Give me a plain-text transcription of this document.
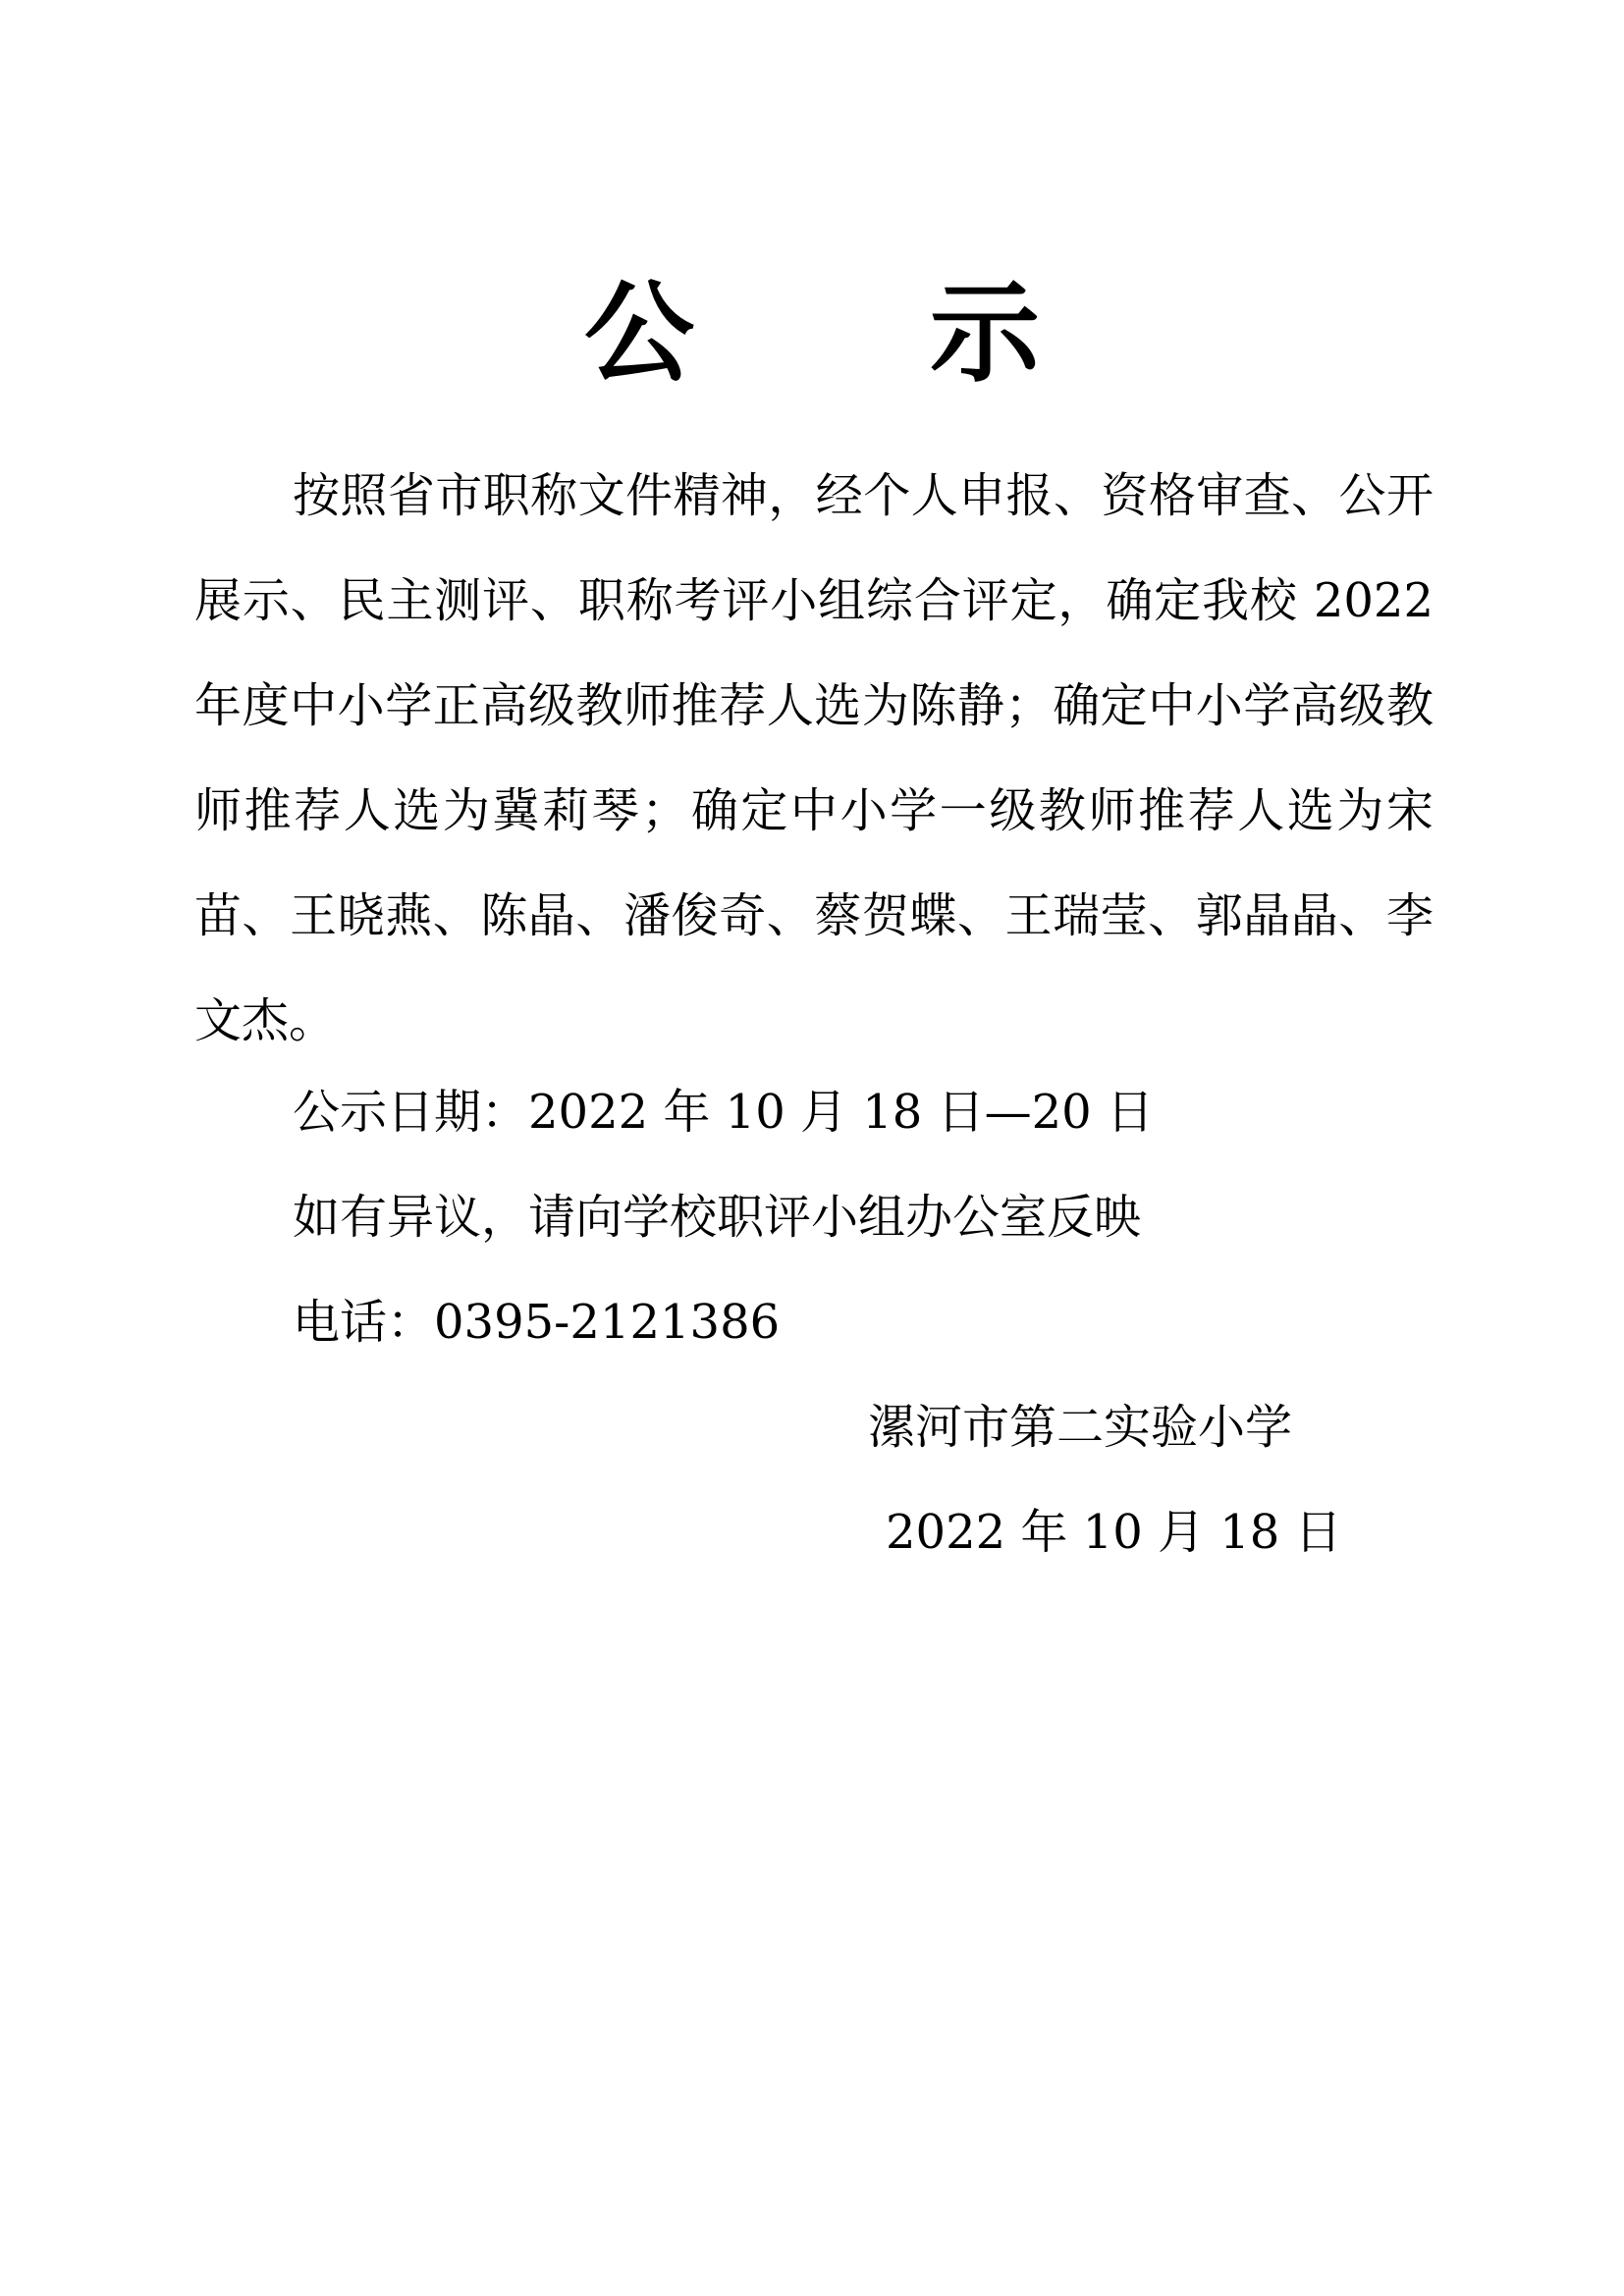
公 示
按照省市职称文件精神，经个人申报、资格审查、公开展示、民主测评、职称考评小组综合评定，确定我校 2022 年度中小学正高级教师推荐人选为陈静；确定中小学高级教师推荐人选为冀莉琴；确定中小学一级教师推荐人选为宋苗、王晓燕、陈晶、潘俊奇、蔡贺蝶、王瑞莹、郭晶晶、李文杰。
公示日期：2022 年 10 月 18 日—20 日
如有异议，请向学校职评小组办公室反映
电话：0395-2121386
漯河市第二实验小学
2022 年 10 月 18 日
